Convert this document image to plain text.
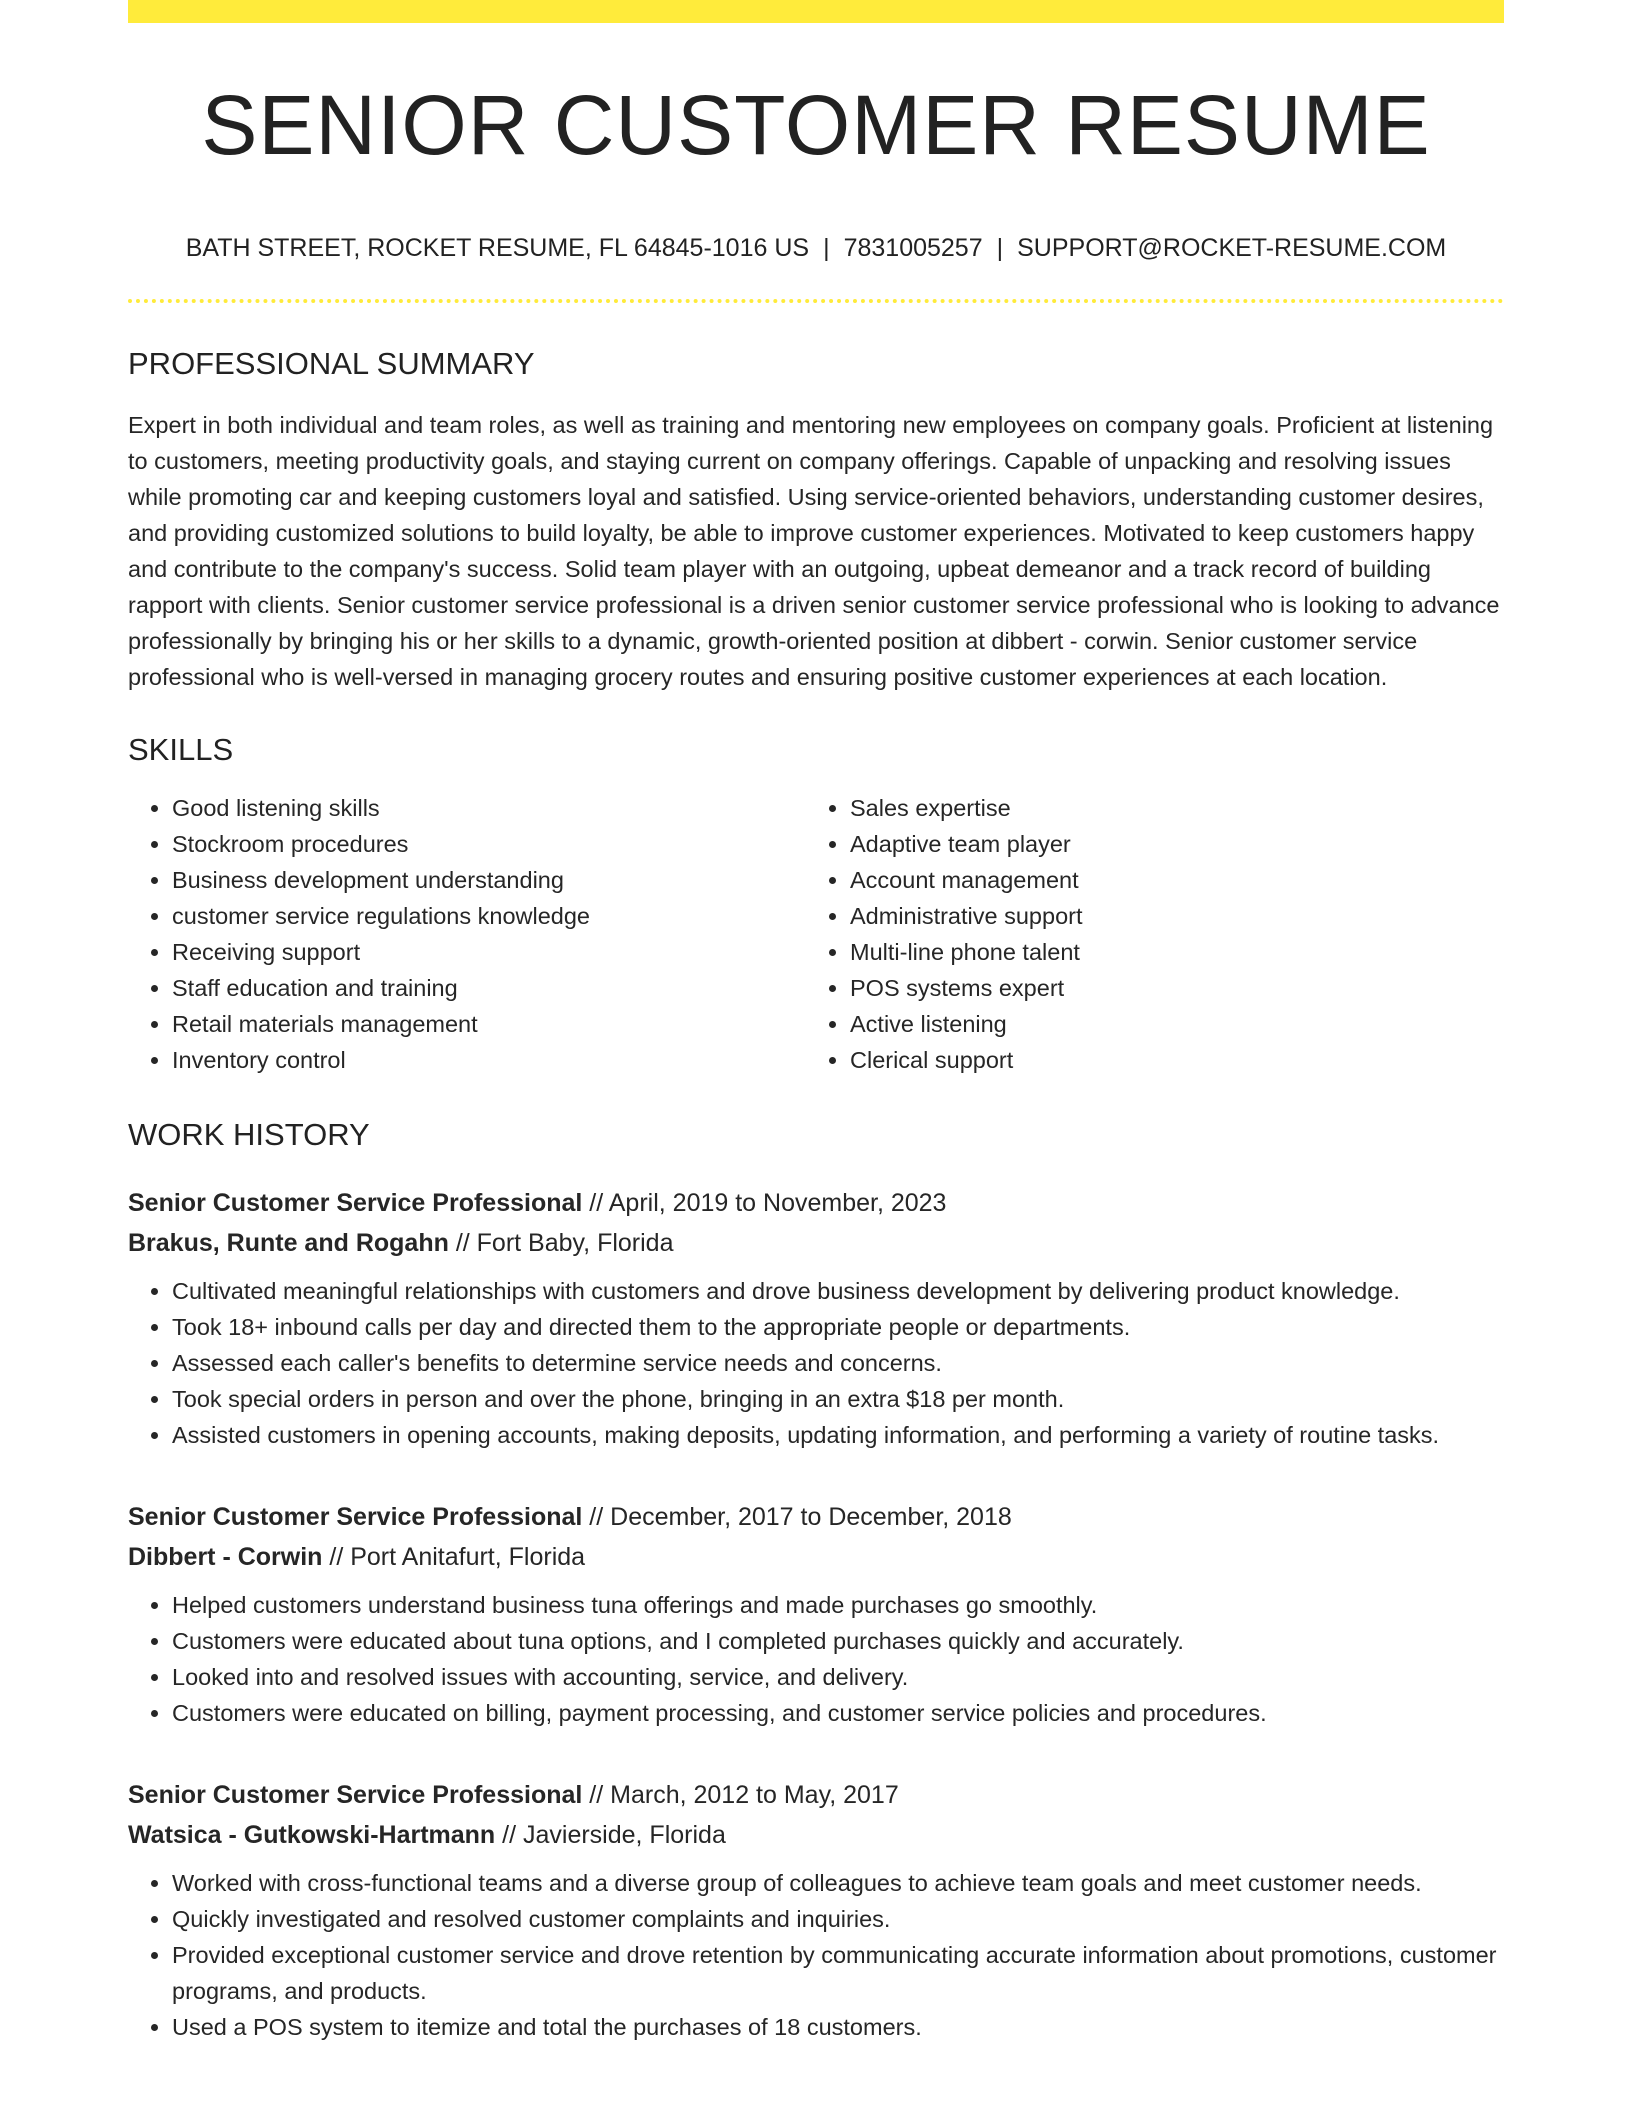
SENIOR CUSTOMER RESUME
BATH STREET, ROCKET RESUME, FL 64845-1016 US | 7831005257 | SUPPORT@ROCKET-RESUME.COM
PROFESSIONAL SUMMARY

Expert in both individual and team roles, as well as training and mentoring new employees on company goals. Proficient at listening to customers, meeting productivity goals, and staying current on company offerings. Capable of unpacking and resolving issues while promoting car and keeping customers loyal and satisfied. Using service-oriented behaviors, understanding customer desires, and providing customized solutions to build loyalty, be able to improve customer experiences. Motivated to keep customers happy and contribute to the company's success. Solid team player with an outgoing, upbeat demeanor and a track record of building rapport with clients. Senior customer service professional is a driven senior customer service professional who is looking to advance professionally by bringing his or her skills to a dynamic, growth-oriented position at dibbert - corwin. Senior customer service professional who is well-versed in managing grocery routes and ensuring positive customer experiences at each location.

SKILLS
• Good listening skills
• Stockroom procedures
• Business development understanding
• customer service regulations knowledge
• Receiving support
• Staff education and training
• Retail materials management
• Inventory control
• Sales expertise
• Adaptive team player
• Account management
• Administrative support
• Multi-line phone talent
• POS systems expert
• Active listening
• Clerical support
WORK HISTORY
Senior Customer Service Professional // April, 2019 to November, 2023
Brakus, Runte and Rogahn // Fort Baby, Florida
• Cultivated meaningful relationships with customers and drove business development by delivering product knowledge.
• Took 18+ inbound calls per day and directed them to the appropriate people or departments.
• Assessed each caller's benefits to determine service needs and concerns.
• Took special orders in person and over the phone, bringing in an extra $18 per month.
• Assisted customers in opening accounts, making deposits, updating information, and performing a variety of routine tasks.
Senior Customer Service Professional // December, 2017 to December, 2018
Dibbert - Corwin // Port Anitafurt, Florida
• Helped customers understand business tuna offerings and made purchases go smoothly.
• Customers were educated about tuna options, and I completed purchases quickly and accurately.
• Looked into and resolved issues with accounting, service, and delivery.
• Customers were educated on billing, payment processing, and customer service policies and procedures.
Senior Customer Service Professional // March, 2012 to May, 2017
Watsica - Gutkowski-Hartmann // Javierside, Florida
• Worked with cross-functional teams and a diverse group of colleagues to achieve team goals and meet customer needs.
• Quickly investigated and resolved customer complaints and inquiries.
• Provided exceptional customer service and drove retention by communicating accurate information about promotions, customer programs, and products.
• Used a POS system to itemize and total the purchases of 18 customers.
